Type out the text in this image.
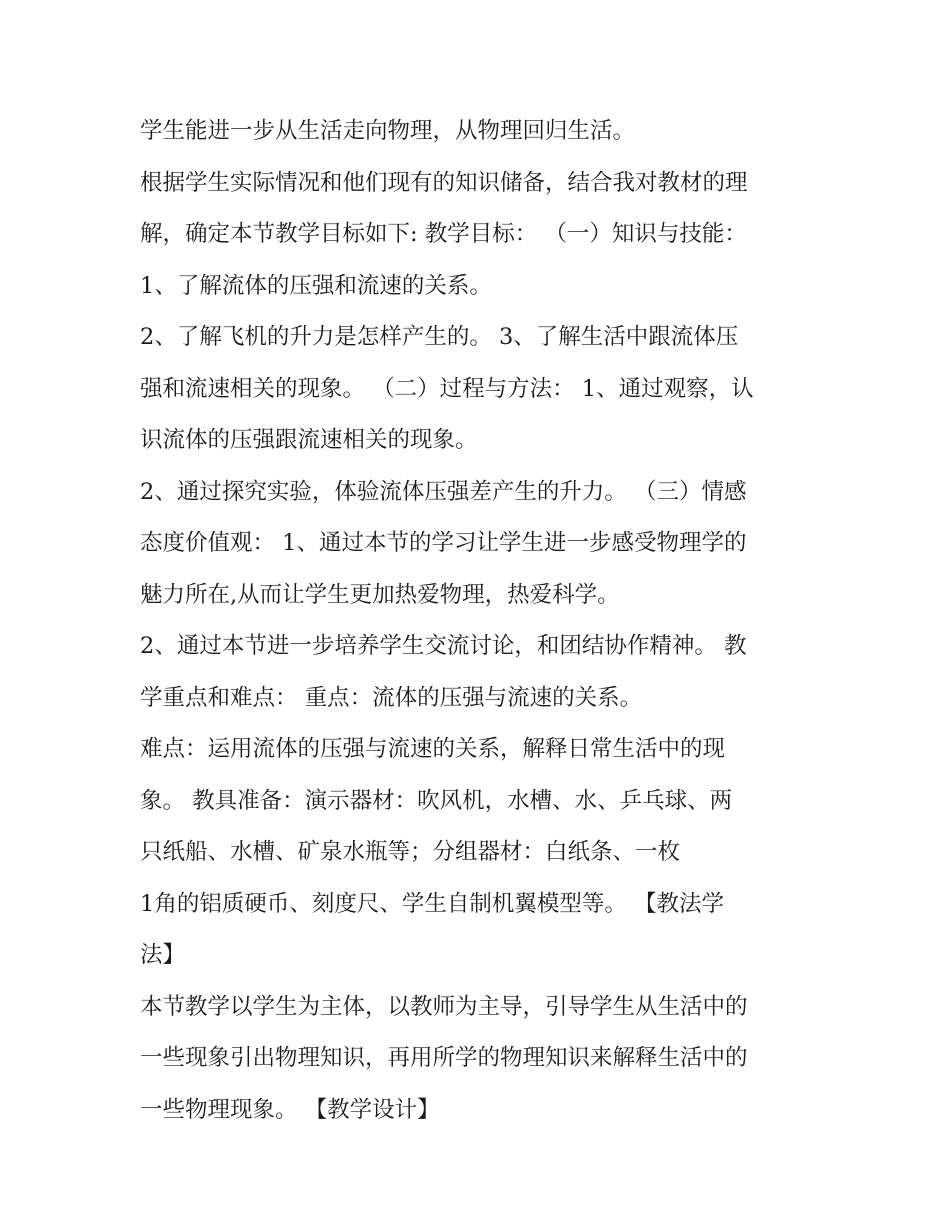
学生能进一步从生活走向物理，从物理回归生活。
根据学生实际情况和他们现有的知识储备，结合我对教材的理
解，确定本节教学目标如下: 教学目标： （一）知识与技能：
1、了解流体的压强和流速的关系。
2、了解飞机的升力是怎样产生的。 3、了解生活中跟流体压
强和流速相关的现象。 （二）过程与方法： 1、通过观察，认
识流体的压强跟流速相关的现象。
2、通过探究实验，体验流体压强差产生的升力。 （三）情感
态度价值观： 1、通过本节的学习让学生进一步感受物理学的
魅力所在,从而让学生更加热爱物理，热爱科学。
2、通过本节进一步培养学生交流讨论，和团结协作精神。 教
学重点和难点： 重点：流体的压强与流速的关系。
难点：运用流体的压强与流速的关系，解释日常生活中的现
象。 教具准备：演示器材：吹风机，水槽、水、乒乓球、两
只纸船、水槽、矿泉水瓶等；分组器材：白纸条、一枚
1角的铝质硬币、刻度尺、学生自制机翼模型等。 【教法学
法】
本节教学以学生为主体，以教师为主导，引导学生从生活中的
一些现象引出物理知识，再用所学的物理知识来解释生活中的
一些物理现象。 【教学设计】
